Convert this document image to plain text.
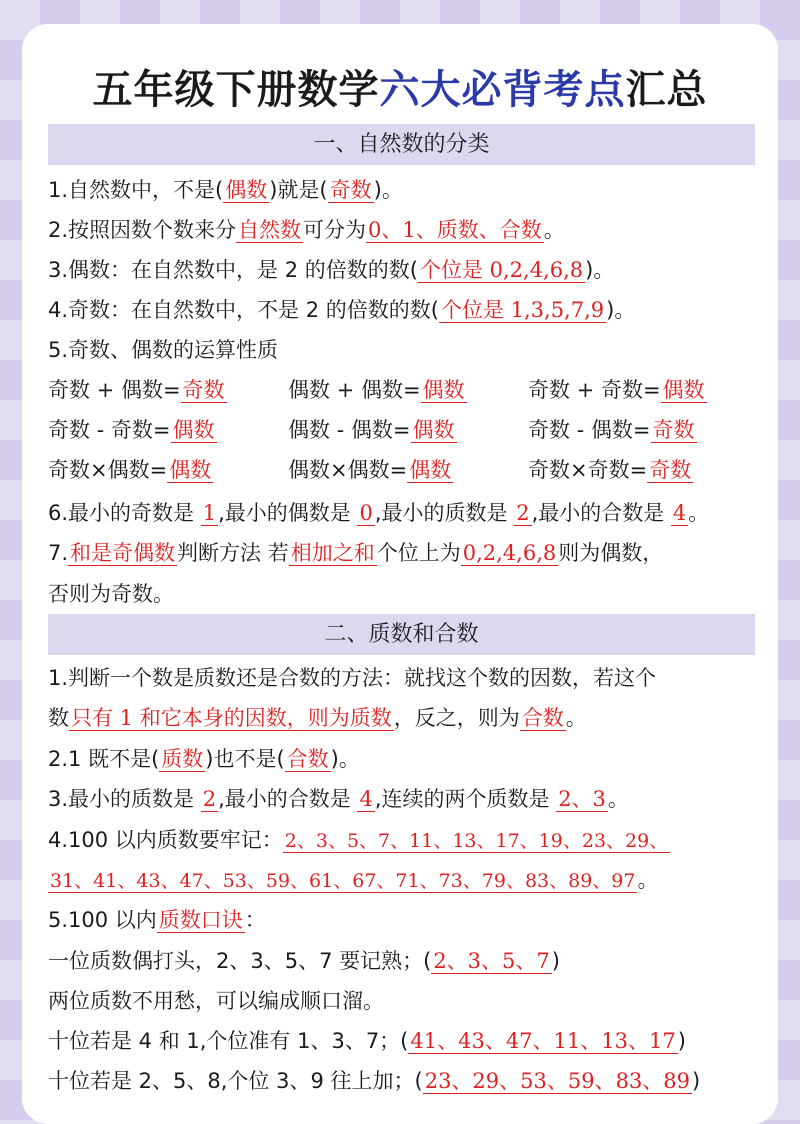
五年级下册数学六大必背考点汇总
一、自然数的分类
1.自然数中，不是(偶数)就是(奇数)。
2.按照因数个数来分自然数可分为0、1、质数、合数。
3.偶数：在自然数中，是 2 的倍数的数(个位是 0,2,4,6,8)。
4.奇数：在自然数中，不是 2 的倍数的数(个位是 1,3,5,7,9)。
5.奇数、偶数的运算性质
奇数 + 偶数=奇数	偶数 + 偶数=偶数	奇数 + 奇数=偶数
奇数 - 奇数=偶数	偶数 - 偶数=偶数	奇数 - 偶数=奇数
奇数×偶数=偶数	偶数×偶数=偶数	奇数×奇数=奇数
6.最小的奇数是 1,最小的偶数是 0,最小的质数是 2,最小的合数是 4。
7.和是奇偶数判断方法 若相加之和个位上为0,2,4,6,8则为偶数，
否则为奇数。
二、质数和合数
1.判断一个数是质数还是合数的方法：就找这个数的因数，若这个
数只有 1 和它本身的因数，则为质数，反之，则为合数。
2.1 既不是(质数)也不是(合数)。
3.最小的质数是 2,最小的合数是 4,连续的两个质数是 2、3。
4.100 以内质数要牢记： 2、3、5、7、11、13、17、19、23、29、
31、41、43、47、53、59、61、67、71、73、79、83、89、97。
5.100 以内质数口诀：
一位质数偶打头，2、3、5、7 要记熟；(2、3、5、7)
两位质数不用愁，可以编成顺口溜。
十位若是 4 和 1,个位准有 1、3、7；(41、43、47、11、13、17)
十位若是 2、5、8,个位 3、9 往上加；(23、29、53、59、83、89)
